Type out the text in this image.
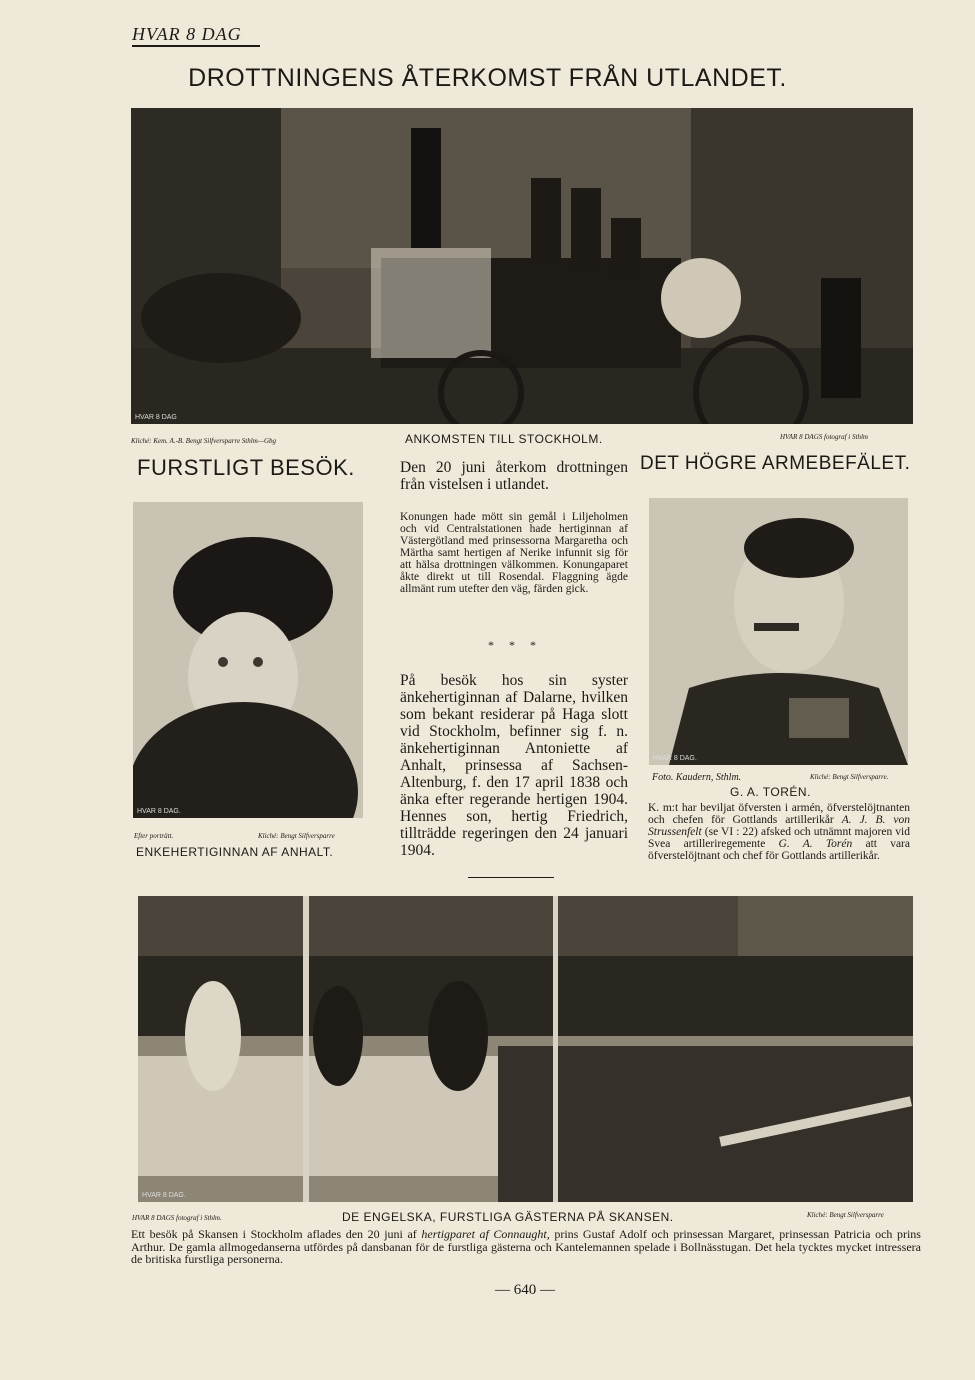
HVAR 8 DAG
DROTTNINGENS ÅTERKOMST FRÅN UTLANDET.
HVAR 8 DAG
Kliché: Kem. A.-B. Bengt Silfversparre Sthlm—Gbg	ANKOMSTEN TILL STOCKHOLM.	HVAR 8 DAGS fotograf i Sthlm
FURSTLIGT BESÖK.
HVAR 8 DAG.
Efter porträtt.	Kliché: Bengt Silfversparre
ENKEHERTIGINNAN AF ANHALT.
Den 20 juni återkom drottningen från vistelsen i utlandet.
Konungen hade mött sin gemål i Liljeholmen och vid Centralstationen hade hertiginnan af Västergötland med prinsessorna Margaretha och Märtha samt hertigen af Nerike infunnit sig för att hälsa drottningen välkommen. Konungaparet åkte direkt ut till Rosendal. Flaggning ägde allmänt rum utefter den väg, färden gick.
* * *
På besök hos sin syster änkehertiginnan af Dalarne, hvilken som bekant residerar på Haga slott vid Stockholm, befinner sig f. n. änkehertiginnan Antoniette af Anhalt, prinsessa af Sachsen-Altenburg, f. den 17 april 1838 och änka efter regerande hertigen 1904. Hennes son, hertig Friedrich, tillträdde regeringen den 24 januari 1904.
DET HÖGRE ARMEBEFÄLET.
HVAR 8 DAG.
Foto. Kaudern, Sthlm.	Kliché: Bengt Silfversparre.
G. A. TORÉN.
K. m:t har beviljat öfversten i armén, öfverstelöjtnanten och chefen för Gottlands artillerikår A. J. B. von Strussenfelt (se VI : 22) afsked och utnämnt majoren vid Svea artilleriregemente G. A. Torén att vara öfverstelöjtnant och chef för Gottlands artillerikår.
HVAR 8 DAG.
HVAR 8 DAGS fotograf i Sthlm.	DE ENGELSKA, FURSTLIGA GÄSTERNA PÅ SKANSEN.	Kliché: Bengt Silfversparre
Ett besök på Skansen i Stockholm aflades den 20 juni af hertigparet af Connaught, prins Gustaf Adolf och prinsessan Margaret, prinsessan Patricia och prins Arthur. De gamla allmogedanserna utfördes på dansbanan för de furstliga gästerna och Kantelemannen spelade i Bollnässtugan. Det hela tycktes mycket intressera de britiska furstliga personerna.
— 640 —
